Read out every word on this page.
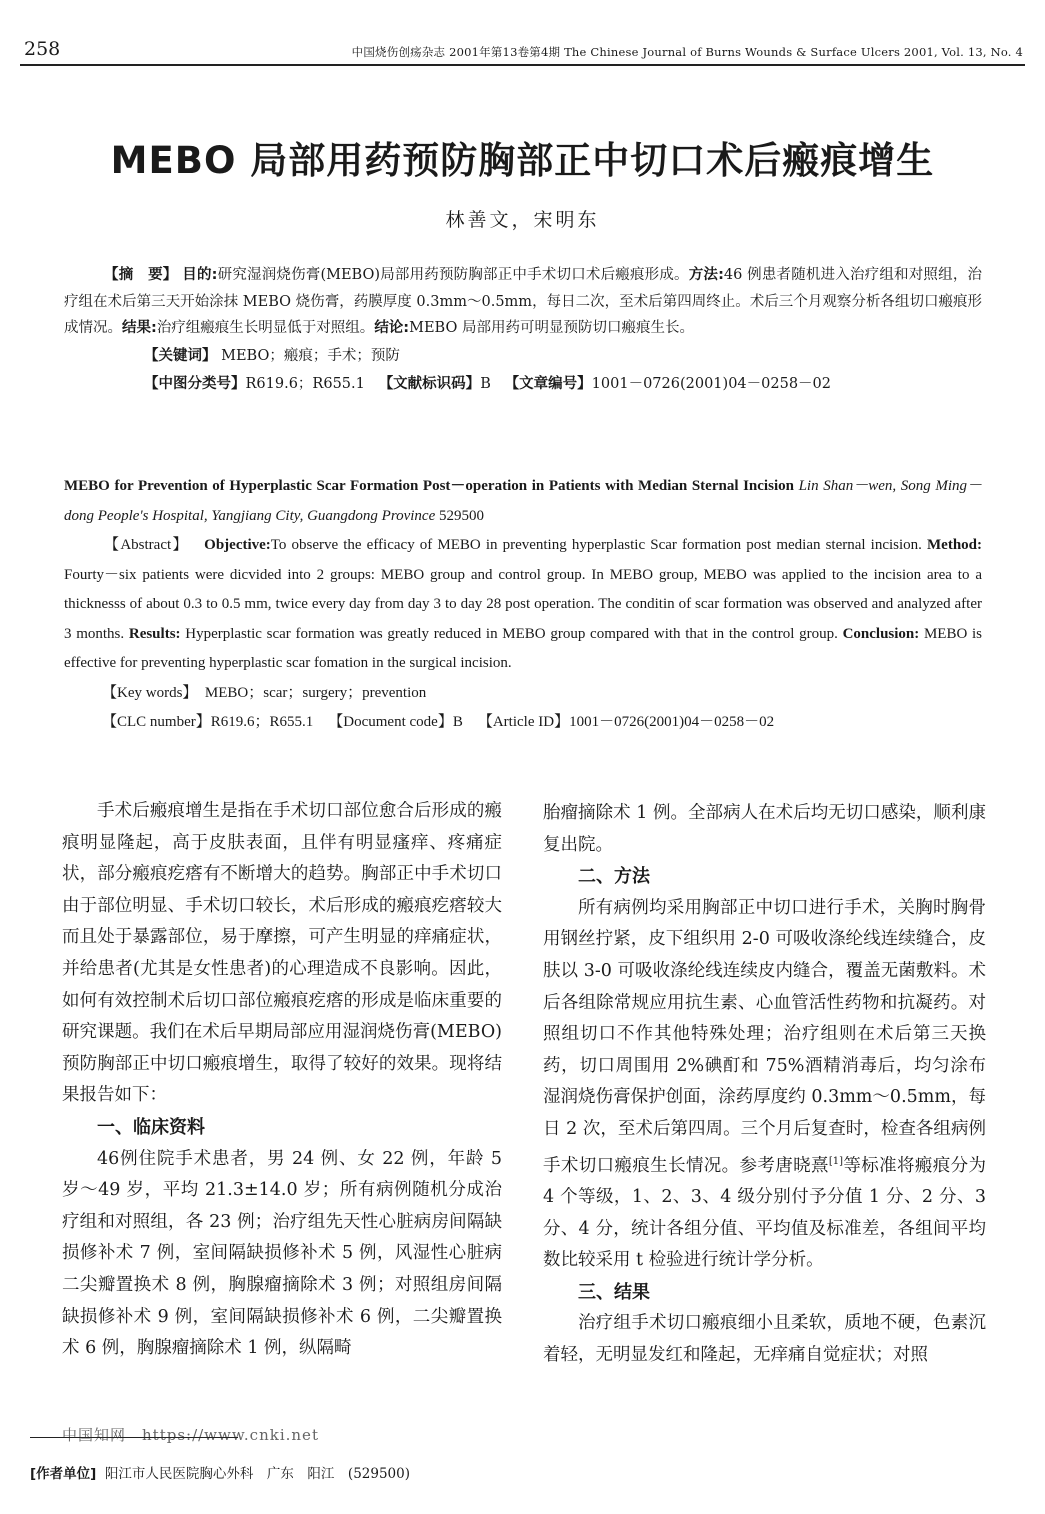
258	中国烧伤创疡杂志 2001年第13卷第4期 The Chinese Journal of Burns Wounds & Surface Ulcers 2001, Vol. 13, No. 4
MEBO 局部用药预防胸部正中切口术后瘢痕增生
林善文，宋明东

【摘　要】 目的:研究湿润烧伤膏(MEBO)局部用药预防胸部正中手术切口术后瘢痕形成。方法:46 例患者随机进入治疗组和对照组，治疗组在术后第三天开始涂抹 MEBO 烧伤膏，药膜厚度 0.3mm～0.5mm，每日二次，至术后第四周终止。术后三个月观察分析各组切口瘢痕形成情况。结果:治疗组瘢痕生长明显低于对照组。结论:MEBO 局部用药可明显预防切口瘢痕生长。

【关键词】 MEBO；瘢痕；手术；预防

【中图分类号】R619.6；R655.1 【文献标识码】B 【文章编号】1001－0726(2001)04－0258－02

MEBO for Prevention of Hyperplastic Scar Formation Post－operation in Patients with Median Sternal Incision Lin Shan－wen, Song Ming－dong People's Hospital, Yangjiang City, Guangdong Province 529500

【Abstract】 Objective:To observe the efficacy of MEBO in preventing hyperplastic Scar formation post median sternal incision. Method: Fourty－six patients were dicvided into 2 groups: MEBO group and control group. In MEBO group, MEBO was applied to the incision area to a thicknesss of about 0.3 to 0.5 mm, twice every day from day 3 to day 28 post operation. The conditin of scar formation was observed and analyzed after 3 months. Results: Hyperplastic scar formation was greatly reduced in MEBO group compared with that in the control group. Conclusion: MEBO is effective for preventing hyperplastic scar fomation in the surgical incision.

【Key words】 MEBO；scar；surgery；prevention

【CLC number】R619.6；R655.1 【Document code】B 【Article ID】1001－0726(2001)04－0258－02

手术后瘢痕增生是指在手术切口部位愈合后形成的瘢痕明显隆起，高于皮肤表面，且伴有明显瘙痒、疼痛症状，部分瘢痕疙瘩有不断增大的趋势。胸部正中手术切口由于部位明显、手术切口较长，术后形成的瘢痕疙瘩较大而且处于暴露部位，易于摩擦，可产生明显的痒痛症状，并给患者(尤其是女性患者)的心理造成不良影响。因此，如何有效控制术后切口部位瘢痕疙瘩的形成是临床重要的研究课题。我们在术后早期局部应用湿润烧伤膏(MEBO)预防胸部正中切口瘢痕增生，取得了较好的效果。现将结果报告如下：

一、临床资料

46例住院手术患者，男 24 例、女 22 例，年龄 5 岁～49 岁，平均 21.3±14.0 岁；所有病例随机分成治疗组和对照组，各 23 例；治疗组先天性心脏病房间隔缺损修补术 7 例，室间隔缺损修补术 5 例，风湿性心脏病二尖瓣置换术 8 例，胸腺瘤摘除术 3 例；对照组房间隔缺损修补术 9 例，室间隔缺损修补术 6 例，二尖瓣置换术 6 例，胸腺瘤摘除术 1 例，纵隔畸

胎瘤摘除术 1 例。全部病人在术后均无切口感染，顺利康复出院。

二、方法

所有病例均采用胸部正中切口进行手术，关胸时胸骨用钢丝拧紧，皮下组织用 2-0 可吸收涤纶线连续缝合，皮肤以 3-0 可吸收涤纶线连续皮内缝合，覆盖无菌敷料。术后各组除常规应用抗生素、心血管活性药物和抗凝药。对照组切口不作其他特殊处理；治疗组则在术后第三天换药，切口周围用 2%碘酊和 75%酒精消毒后，均匀涂布湿润烧伤膏保护创面，涂药厚度约 0.3mm～0.5mm，每日 2 次，至术后第四周。三个月后复查时，检查各组病例手术切口瘢痕生长情况。参考唐晓熹[1]等标准将瘢痕分为 4 个等级，1、2、3、4 级分别付予分值 1 分、2 分、3 分、4 分，统计各组分值、平均值及标准差，各组间平均数比较采用 t 检验进行统计学分析。

三、结果

治疗组手术切口瘢痕细小且柔软，质地不硬，色素沉着轻，无明显发红和隆起，无痒痛自觉症状；对照

中国知网　https://www.cnki.net
[作者单位] 阳江市人民医院胸心外科　广东　阳江　(529500)
